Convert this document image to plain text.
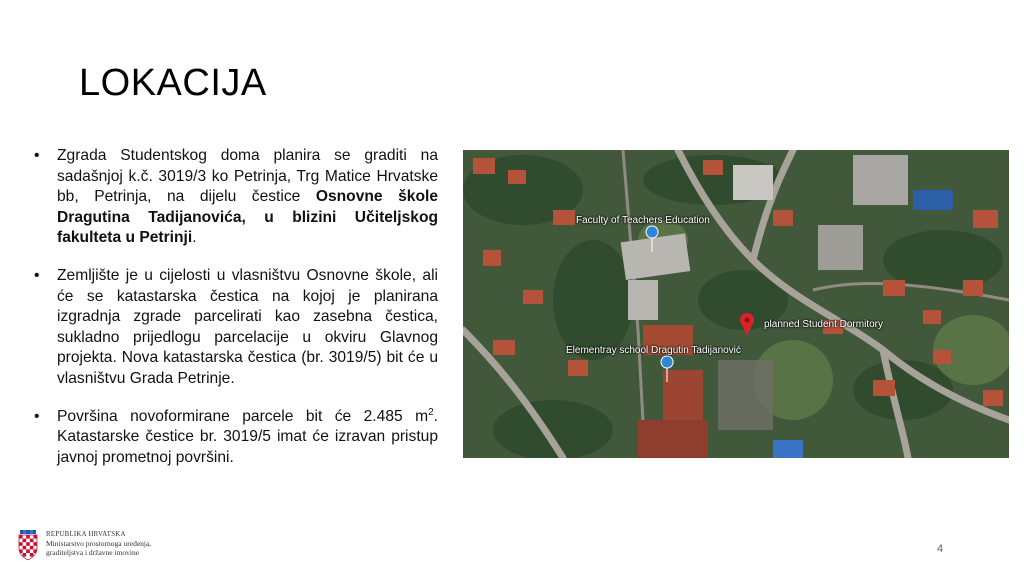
LOKACIJA
• Zgrada Studentskog doma planira se graditi na sadašnjoj k.č. 3019/3 ko Petrinja, Trg Matice Hrvatske bb, Petrinja, na dijelu čestice Osnovne škole Dragutina Tadijanovića, u blizini Učiteljskog fakulteta u Petrinji.
• Zemljište je u cijelosti u vlasništvu Osnovne škole, ali će se katastarska čestica na kojoj je planirana izgradnja zgrade parcelirati kao zasebna čestica, sukladno prijedlogu parcelacije u okviru Glavnog projekta. Nova katastarska čestica (br. 3019/5) bit će u vlasništvu Grada Petrinje.
• Površina novoformirane parcele bit će 2.485 $m^2$. Katastarske čestice br. 3019/5 imat će izravan pristup javnoj prometnoj površini.
Faculty of Teachers Education
Elementray school Dragutin Tadijanović
planned Student Dormitory
REPUBLIKA HRVATSKA
Ministarstvo prostornoga uređenja,
graditeljstva i državne imovine	4
